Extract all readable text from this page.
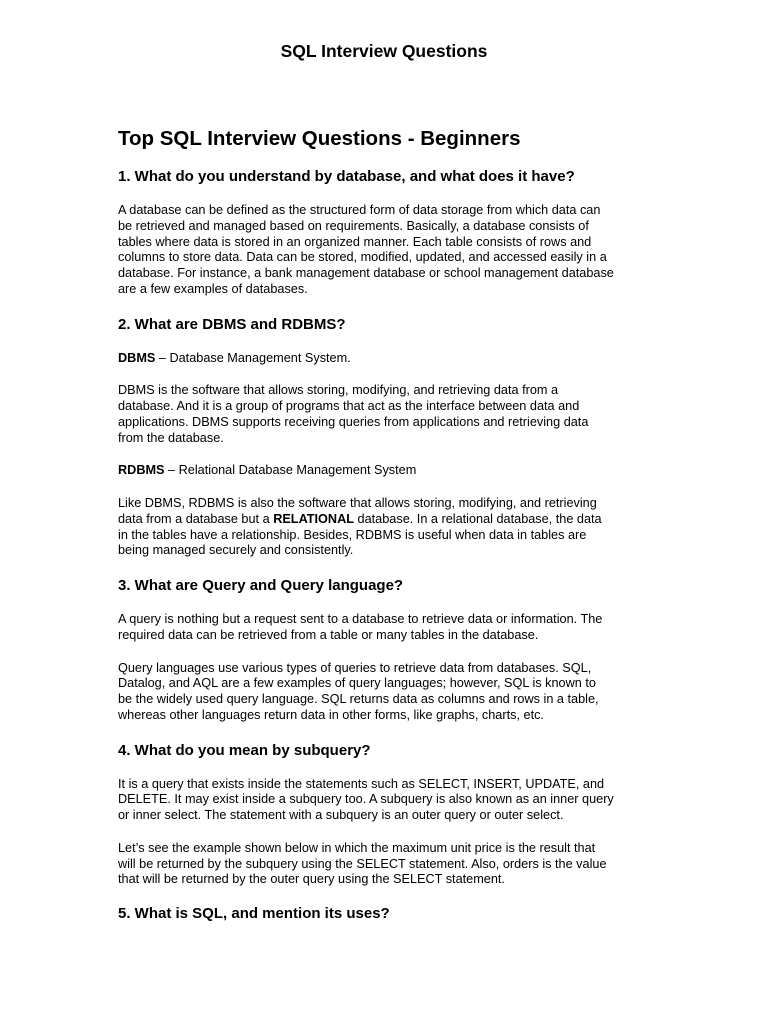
SQL Interview Questions
Top SQL Interview Questions - Beginners
1. What do you understand by database, and what does it have?

A database can be defined as the structured form of data storage from which data can
be retrieved and managed based on requirements. Basically, a database consists of
tables where data is stored in an organized manner. Each table consists of rows and
columns to store data. Data can be stored, modified, updated, and accessed easily in a
database. For instance, a bank management database or school management database
are a few examples of databases.

2. What are DBMS and RDBMS?

DBMS – Database Management System.

DBMS is the software that allows storing, modifying, and retrieving data from a
database. And it is a group of programs that act as the interface between data and
applications. DBMS supports receiving queries from applications and retrieving data
from the database.

RDBMS – Relational Database Management System

Like DBMS, RDBMS is also the software that allows storing, modifying, and retrieving
data from a database but a RELATIONAL database. In a relational database, the data
in the tables have a relationship. Besides, RDBMS is useful when data in tables are
being managed securely and consistently.

3. What are Query and Query language?

A query is nothing but a request sent to a database to retrieve data or information. The
required data can be retrieved from a table or many tables in the database.

Query languages use various types of queries to retrieve data from databases. SQL,
Datalog, and AQL are a few examples of query languages; however, SQL is known to
be the widely used query language. SQL returns data as columns and rows in a table,
whereas other languages return data in other forms, like graphs, charts, etc.

4. What do you mean by subquery?

It is a query that exists inside the statements such as SELECT, INSERT, UPDATE, and
DELETE. It may exist inside a subquery too. A subquery is also known as an inner query
or inner select. The statement with a subquery is an outer query or outer select.

Let’s see the example shown below in which the maximum unit price is the result that
will be returned by the subquery using the SELECT statement. Also, orders is the value
that will be returned by the outer query using the SELECT statement.

5. What is SQL, and mention its uses?
